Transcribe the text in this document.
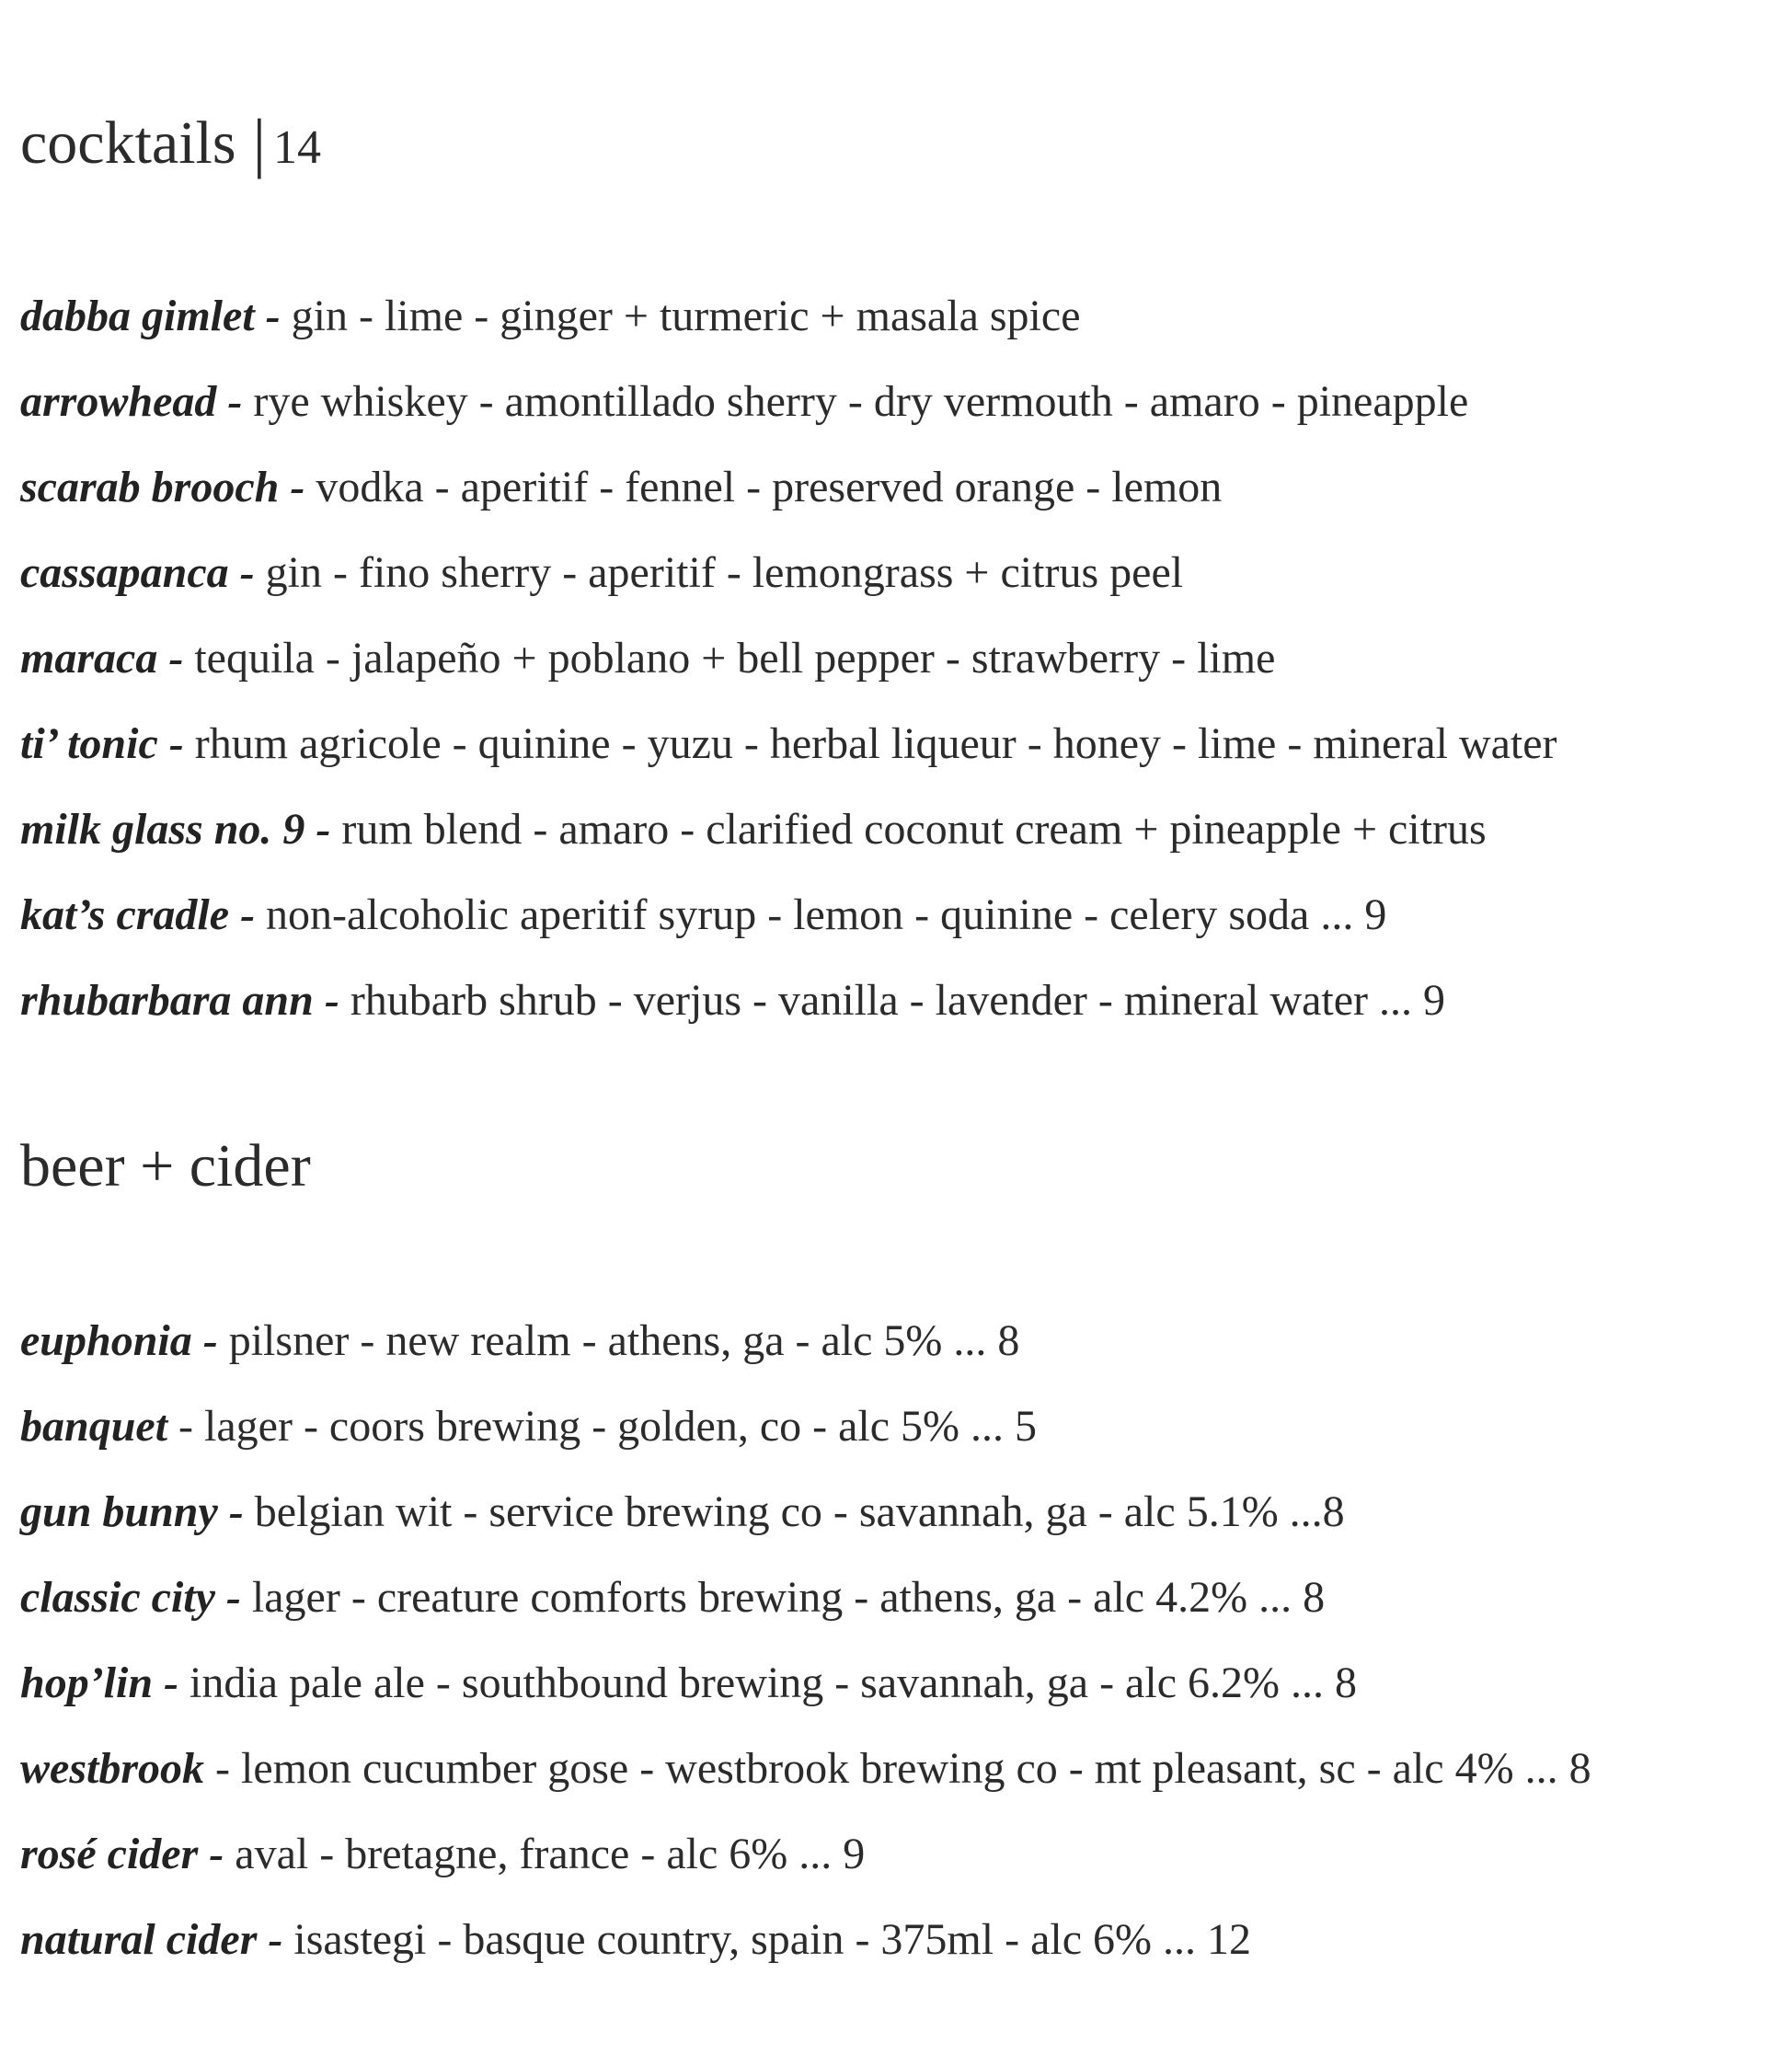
cocktails | 14

dabba gimlet - gin - lime - ginger + turmeric + masala spice

arrowhead - rye whiskey - amontillado sherry - dry vermouth - amaro - pineapple

scarab brooch - vodka - aperitif - fennel - preserved orange - lemon

cassapanca - gin - fino sherry - aperitif - lemongrass + citrus peel

maraca - tequila - jalapeño + poblano + bell pepper - strawberry - lime

ti’ tonic - rhum agricole - quinine - yuzu - herbal liqueur - honey - lime - mineral water

milk glass no. 9 - rum blend - amaro - clarified coconut cream + pineapple + citrus

kat’s cradle - non-alcoholic aperitif syrup - lemon - quinine - celery soda ... 9

rhubarbara ann - rhubarb shrub - verjus - vanilla - lavender - mineral water ... 9

beer + cider

euphonia - pilsner - new realm - athens, ga - alc 5% ... 8

banquet - lager - coors brewing - golden, co - alc 5% ... 5

gun bunny - belgian wit - service brewing co - savannah, ga - alc 5.1% ...8

classic city - lager - creature comforts brewing - athens, ga - alc 4.2% ... 8

hop’lin - india pale ale - southbound brewing - savannah, ga - alc 6.2% ... 8

westbrook - lemon cucumber gose - westbrook brewing co - mt pleasant, sc - alc 4% ... 8

rosé cider - aval - bretagne, france - alc 6% ... 9

natural cider - isastegi - basque country, spain - 375ml - alc 6% ... 12
